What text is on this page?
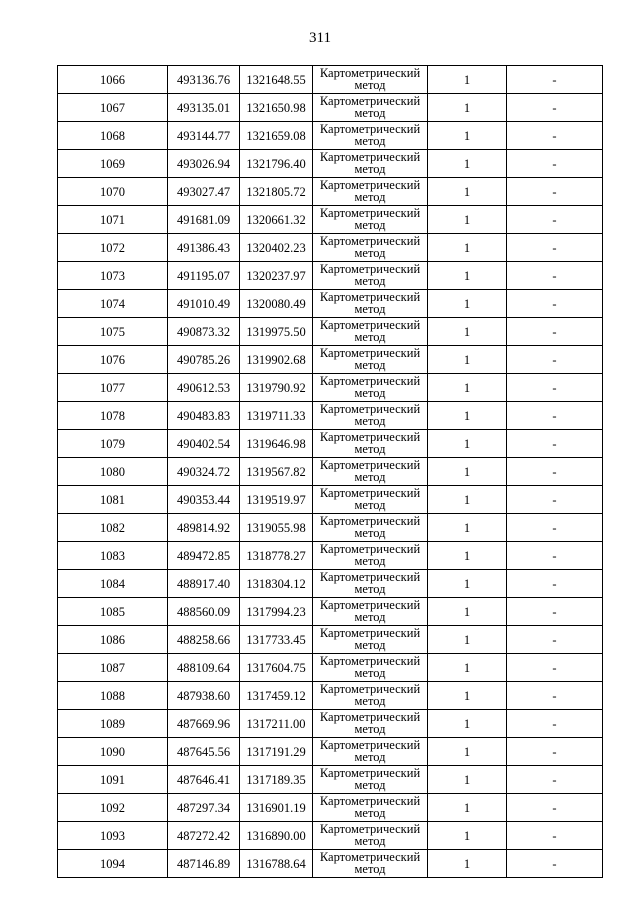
311
1066	493136.76	1321648.55	Картометрический метод	1	-
1067	493135.01	1321650.98	Картометрический метод	1	-
1068	493144.77	1321659.08	Картометрический метод	1	-
1069	493026.94	1321796.40	Картометрический метод	1	-
1070	493027.47	1321805.72	Картометрический метод	1	-
1071	491681.09	1320661.32	Картометрический метод	1	-
1072	491386.43	1320402.23	Картометрический метод	1	-
1073	491195.07	1320237.97	Картометрический метод	1	-
1074	491010.49	1320080.49	Картометрический метод	1	-
1075	490873.32	1319975.50	Картометрический метод	1	-
1076	490785.26	1319902.68	Картометрический метод	1	-
1077	490612.53	1319790.92	Картометрический метод	1	-
1078	490483.83	1319711.33	Картометрический метод	1	-
1079	490402.54	1319646.98	Картометрический метод	1	-
1080	490324.72	1319567.82	Картометрический метод	1	-
1081	490353.44	1319519.97	Картометрический метод	1	-
1082	489814.92	1319055.98	Картометрический метод	1	-
1083	489472.85	1318778.27	Картометрический метод	1	-
1084	488917.40	1318304.12	Картометрический метод	1	-
1085	488560.09	1317994.23	Картометрический метод	1	-
1086	488258.66	1317733.45	Картометрический метод	1	-
1087	488109.64	1317604.75	Картометрический метод	1	-
1088	487938.60	1317459.12	Картометрический метод	1	-
1089	487669.96	1317211.00	Картометрический метод	1	-
1090	487645.56	1317191.29	Картометрический метод	1	-
1091	487646.41	1317189.35	Картометрический метод	1	-
1092	487297.34	1316901.19	Картометрический метод	1	-
1093	487272.42	1316890.00	Картометрический метод	1	-
1094	487146.89	1316788.64	Картометрический метод	1	-
